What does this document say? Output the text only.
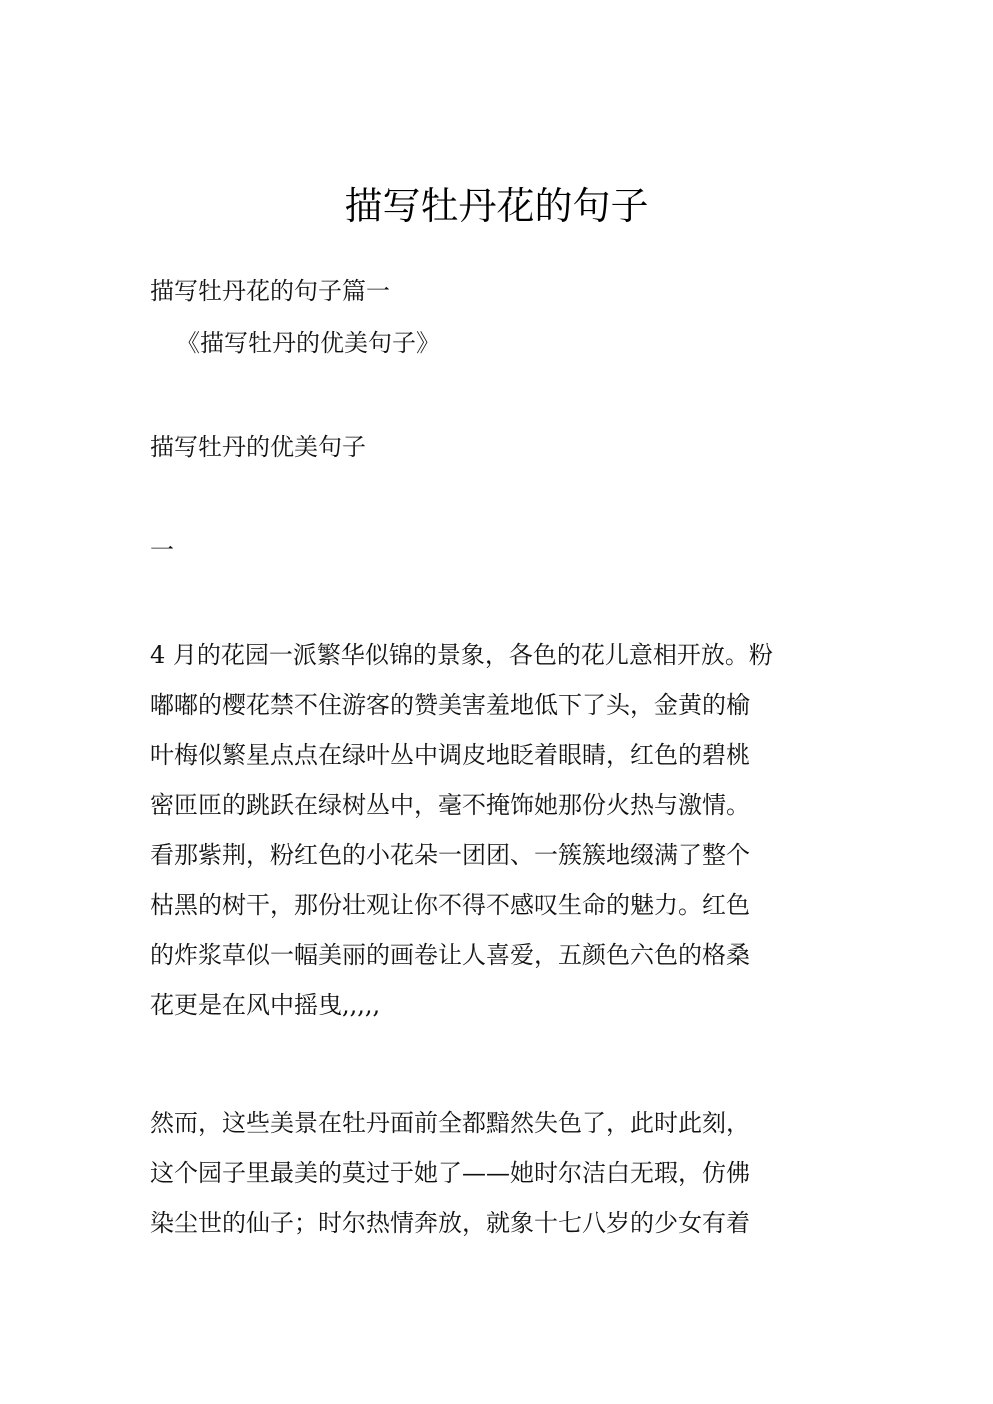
描写牡丹花的句子

描写牡丹花的句子篇一

《描写牡丹的优美句子》

描写牡丹的优美句子

一

4 月的花园一派繁华似锦的景象，各色的花儿意相开放。粉

嘟嘟的樱花禁不住游客的赞美害羞地低下了头，金黄的榆

叶梅似繁星点点在绿叶丛中调皮地眨着眼睛，红色的碧桃

密匝匝的跳跃在绿树丛中，毫不掩饰她那份火热与激情。

看那紫荆，粉红色的小花朵一团团、一簇簇地缀满了整个

枯黑的树干，那份壮观让你不得不感叹生命的魅力。红色

的炸浆草似一幅美丽的画卷让人喜爱，五颜色六色的格桑

花更是在风中摇曳,,,,,

然而，这些美景在牡丹面前全都黯然失色了，此时此刻，

这个园子里最美的莫过于她了——她时尔洁白无瑕，仿佛

染尘世的仙子；时尔热情奔放，就象十七八岁的少女有着
